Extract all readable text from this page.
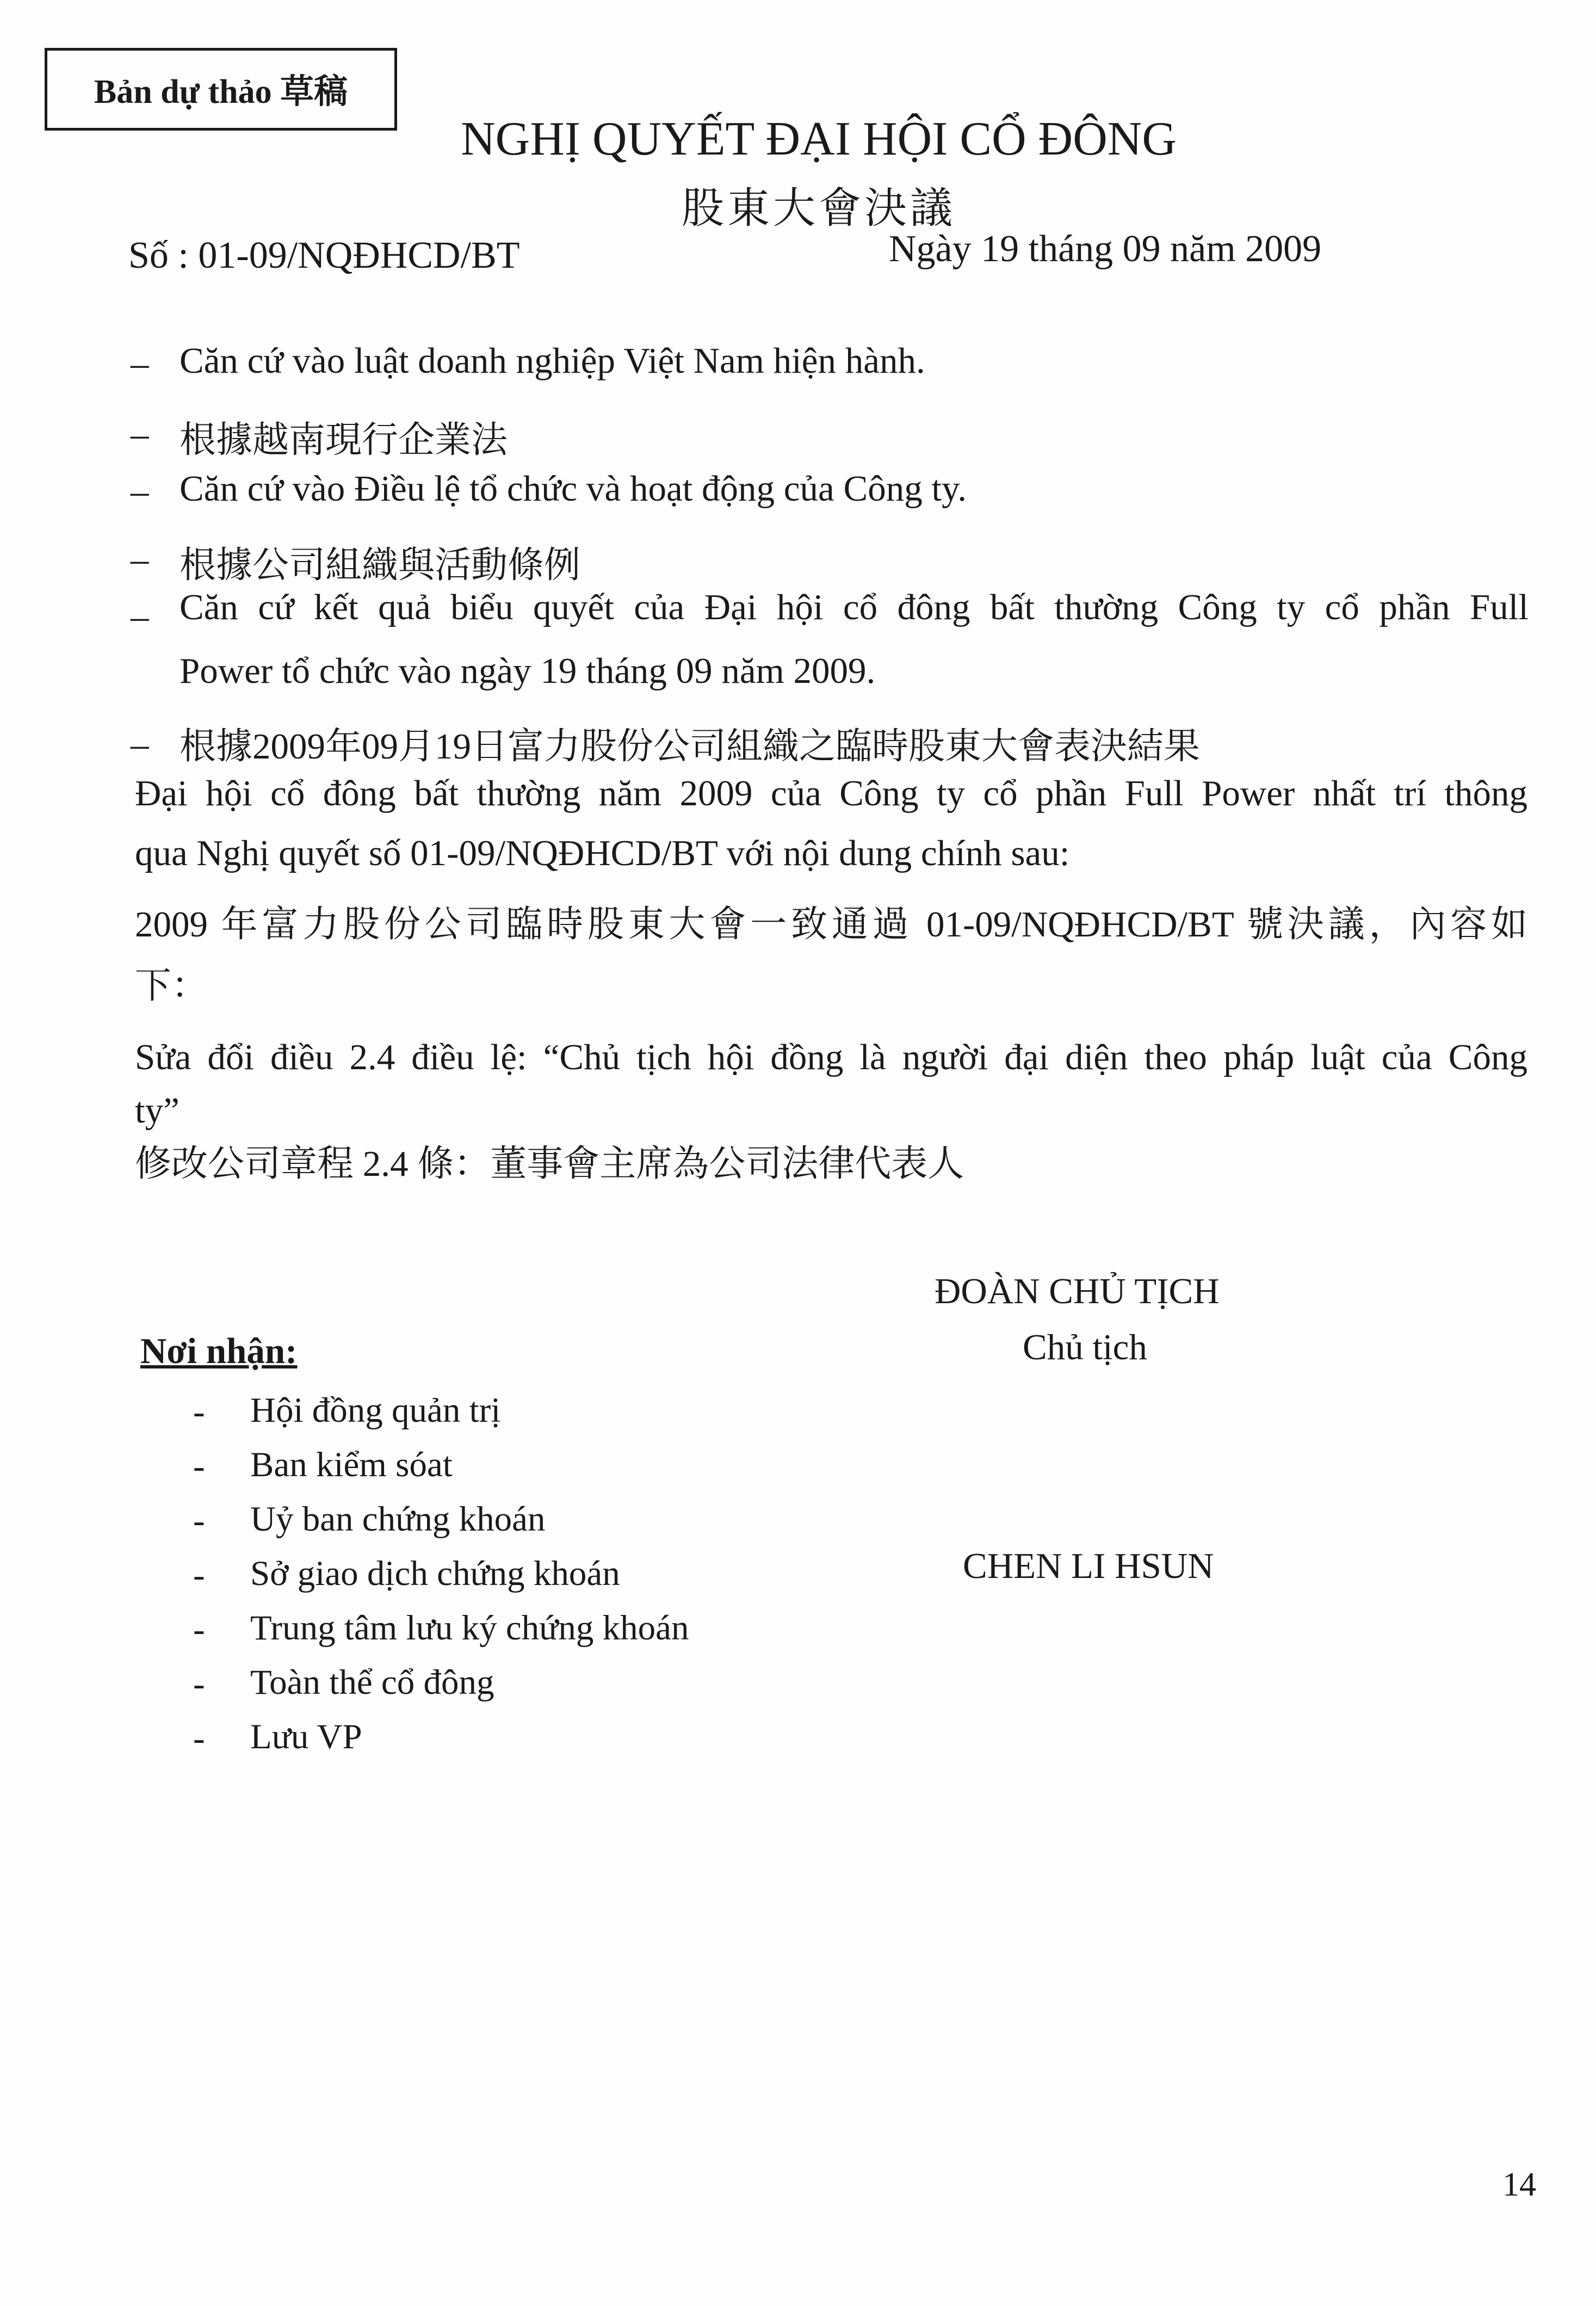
Bản dự thảo 草稿
NGHỊ QUYẾT ĐẠI HỘI CỔ ĐÔNG
股東大會決議
Số : 01-09/NQĐHCD/BT	Ngày 19 tháng 09 năm 2009
– Căn cứ vào luật doanh nghiệp Việt Nam hiện hành.
– 根據越南現行企業法
– Căn cứ vào Điều lệ tổ chức và hoạt động của Công ty.
– 根據公司組織與活動條例
– Căn cứ kết quả biểu quyết của Đại hội cổ đông bất thường Công ty cổ phần Full
Power tổ chức vào ngày 19 tháng 09 năm 2009.
– 根據2009年09月19日富力股份公司組織之臨時股東大會表決結果
Đại hội cổ đông bất thường năm 2009 của Công ty cổ phần Full Power nhất trí thông
qua Nghị quyết số 01-09/NQĐHCD/BT với nội dung chính sau:
2009 年富力股份公司臨時股東大會一致通過 01-09/NQĐHCD/BT 號決議，內容如
下：
Sửa đổi điều 2.4 điều lệ: “Chủ tịch hội đồng là người đại diện theo pháp luật của Công
ty”
修改公司章程 2.4 條：董事會主席為公司法律代表人
ĐOÀN CHỦ TỊCH
Chủ tịch
CHEN LI HSUN
Nơi nhận:
- Hội đồng quản trị
- Ban kiểm sóat
- Uỷ ban chứng khoán
- Sở giao dịch chứng khoán
- Trung tâm lưu ký chứng khoán
- Toàn thể cổ đông
- Lưu VP
14
